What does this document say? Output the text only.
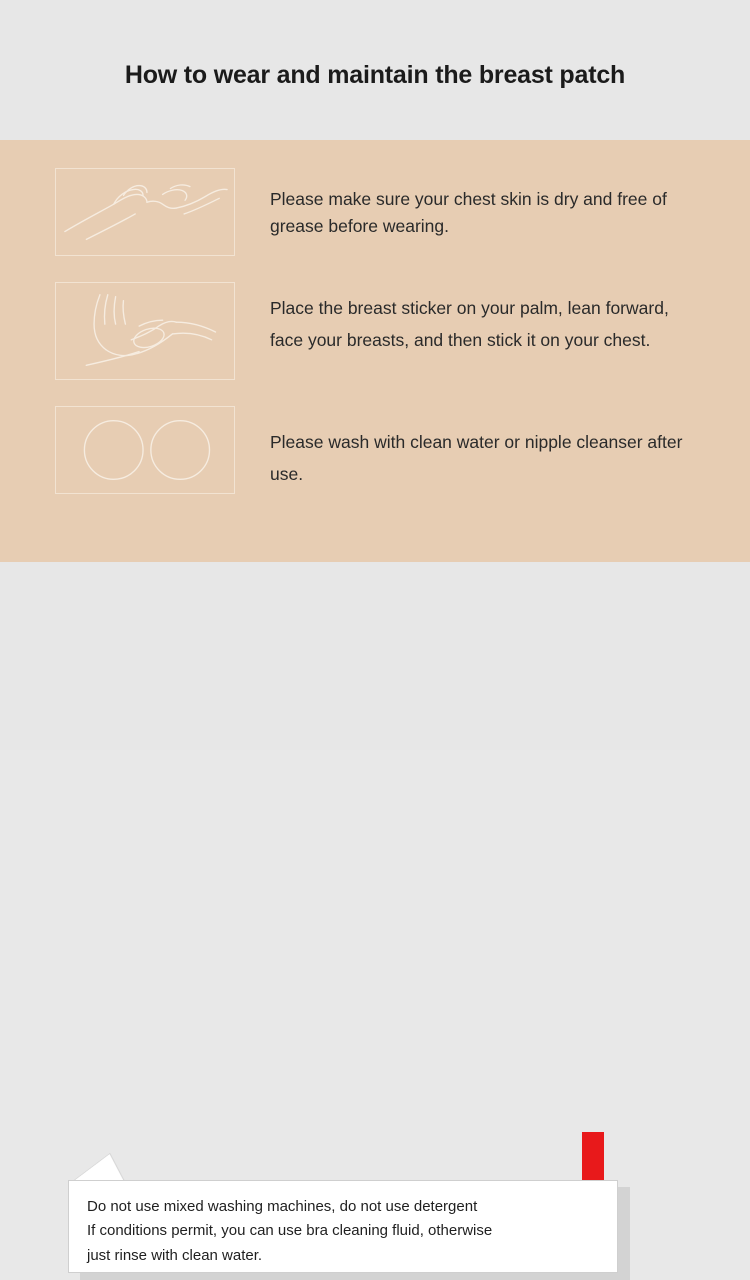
How to wear and maintain the breast patch
Please make sure your chest skin is dry and free of grease before wearing.
Place the breast sticker on your palm, lean forward, face your breasts, and then stick it on your chest.
Please wash with clean water or nipple cleanser after use.
Do not use mixed washing machines, do not use detergent
If conditions permit, you can use bra cleaning fluid, otherwise
just rinse with clean water.
